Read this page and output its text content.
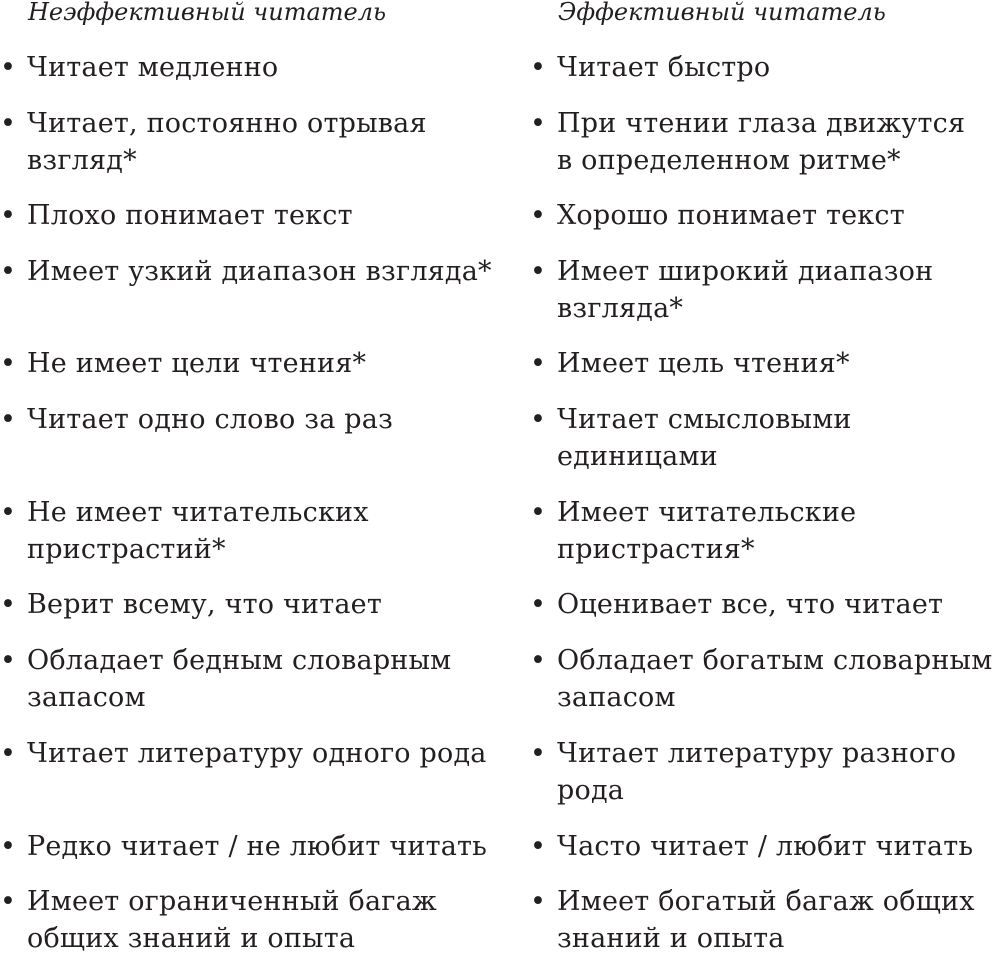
Неэффективный читатель
• Читает медленно
• Читает, постоянно отрывая
взгляд*
• Плохо понимает текст
• Имеет узкий диапазон взгляда*
• Не имеет цели чтения*
• Читает одно слово за раз
• Не имеет читательских
пристрастий*
• Верит всему, что читает
• Обладает бедным словарным
запасом
• Читает литературу одного рода
• Редко читает / не любит читать
• Имеет ограниченный багаж
общих знаний и опыта
Эффективный читатель
• Читает быстро
• При чтении глаза движутся
в определенном ритме*
• Хорошо понимает текст
• Имеет широкий диапазон
взгляда*
• Имеет цель чтения*
• Читает смысловыми
единицами
• Имеет читательские
пристрастия*
• Оценивает все, что читает
• Обладает богатым словарным
запасом
• Читает литературу разного
рода
• Часто читает / любит читать
• Имеет богатый багаж общих
знаний и опыта
